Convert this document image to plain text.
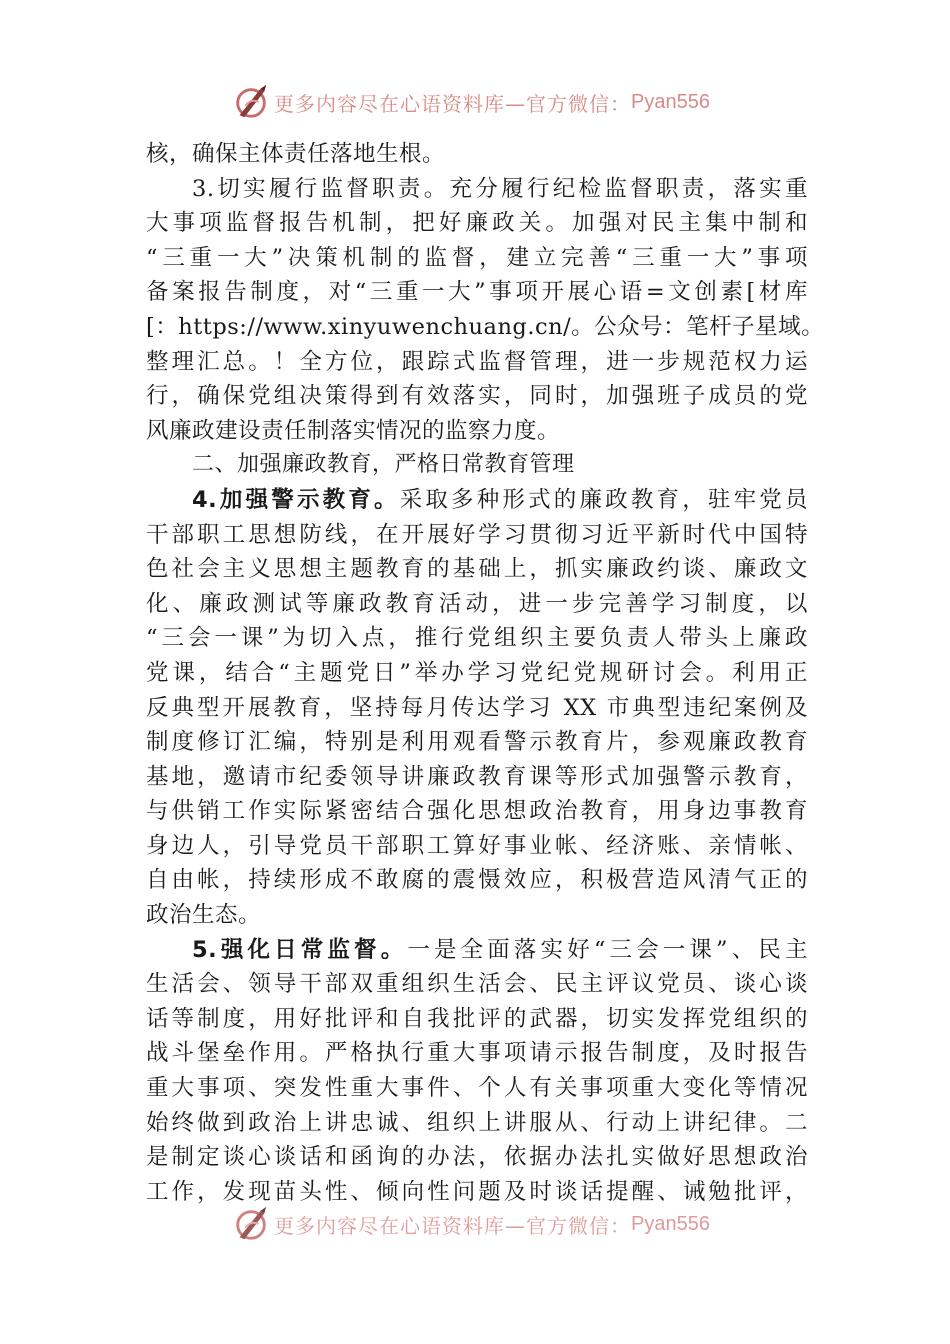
更多内容尽在心语资料库—官方微信： Pyan556
核，确保主体责任落地生根。
3.切实履行监督职责。充分履行纪检监督职责，落实重
大事项监督报告机制，把好廉政关。加强对民主集中制和
“三重一大”决策机制的监督，建立完善“三重一大”事项
备案报告制度，对“三重一大”事项开展心语=文创素[材库
[：https://www.xinyuwenchuang.cn/。公众号：笔杆子星域。
整理汇总。！全方位，跟踪式监督管理，进一步规范权力运
行，确保党组决策得到有效落实，同时，加强班子成员的党
风廉政建设责任制落实情况的监察力度。
二、加强廉政教育，严格日常教育管理
4.加强警示教育。采取多种形式的廉政教育，驻牢党员
干部职工思想防线，在开展好学习贯彻习近平新时代中国特
色社会主义思想主题教育的基础上，抓实廉政约谈、廉政文
化、廉政测试等廉政教育活动，进一步完善学习制度，以
“三会一课”为切入点，推行党组织主要负责人带头上廉政
党课，结合“主题党日”举办学习党纪党规研讨会。利用正
反典型开展教育，坚持每月传达学习 XX 市典型违纪案例及
制度修订汇编，特别是利用观看警示教育片，参观廉政教育
基地，邀请市纪委领导讲廉政教育课等形式加强警示教育，
与供销工作实际紧密结合强化思想政治教育，用身边事教育
身边人，引导党员干部职工算好事业帐、经济账、亲情帐、
自由帐，持续形成不敢腐的震慑效应，积极营造风清气正的
政治生态。
5.强化日常监督。一是全面落实好“三会一课”、民主
生活会、领导干部双重组织生活会、民主评议党员、谈心谈
话等制度，用好批评和自我批评的武器，切实发挥党组织的
战斗堡垒作用。严格执行重大事项请示报告制度，及时报告
重大事项、突发性重大事件、个人有关事项重大变化等情况
始终做到政治上讲忠诚、组织上讲服从、行动上讲纪律。二
是制定谈心谈话和函询的办法，依据办法扎实做好思想政治
工作，发现苗头性、倾向性问题及时谈话提醒、诫勉批评，
更多内容尽在心语资料库—官方微信： Pyan556
